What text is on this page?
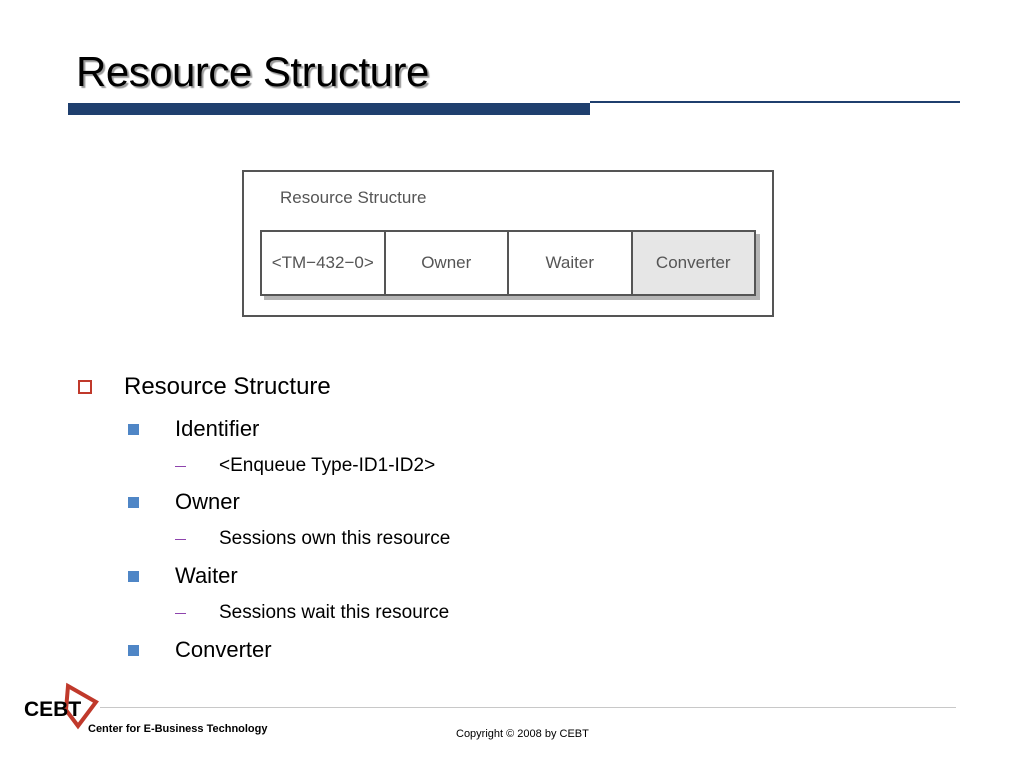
Resource Structure
Resource Structure
<TM−432−0>	Owner	Waiter	Converter
Resource Structure
Identifier
<Enqueue Type-ID1-ID2>
Owner
Sessions own this resource
Waiter
Sessions wait this resource
Converter
CEBT
Center for E-Business Technology	Copyright © 2008 by CEBT
